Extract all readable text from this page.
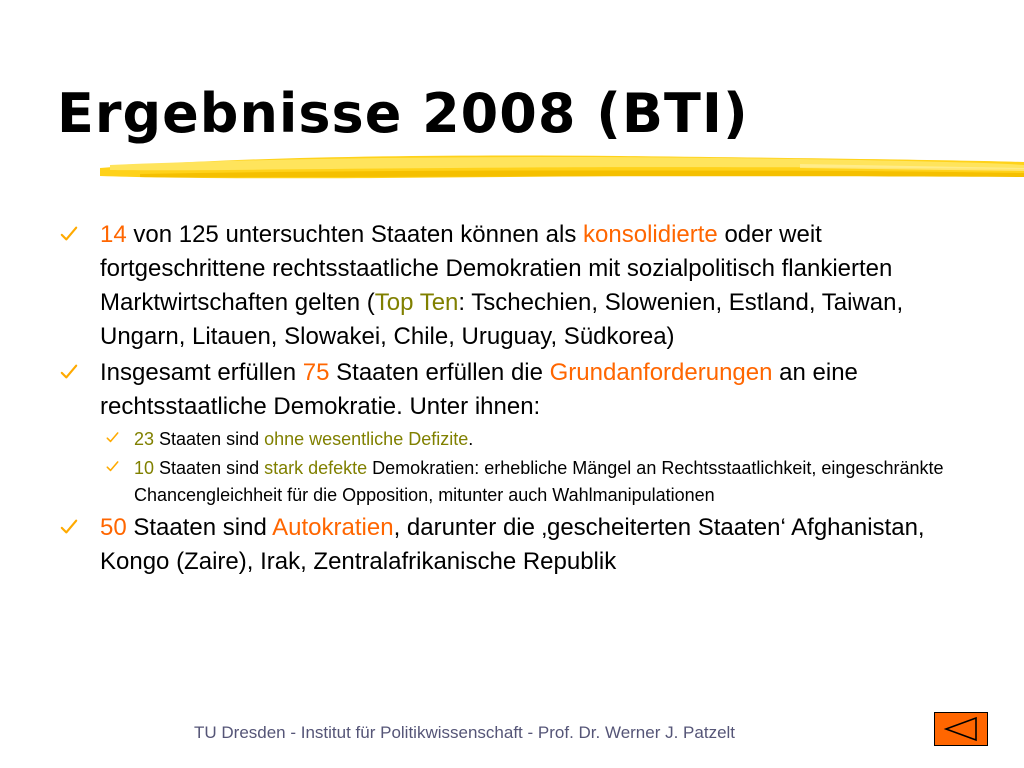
Ergebnisse 2008 (BTI)
14 von 125 untersuchten Staaten können als konsolidierte oder weit fortgeschrittene rechtsstaatliche Demokratien mit sozialpolitisch flankierten Marktwirtschaften gelten (Top Ten: Tschechien, Slowenien, Estland, Taiwan, Ungarn, Litauen, Slowakei, Chile, Uruguay, Südkorea)
Insgesamt erfüllen 75 Staaten erfüllen die Grundanforderungen an eine rechtsstaatliche Demokratie. Unter ihnen:
23 Staaten sind ohne wesentliche Defizite.
10 Staaten sind stark defekte Demokratien: erhebliche Mängel an Rechtsstaatlichkeit, eingeschränkte Chancengleichheit für die Opposition, mitunter auch Wahlmanipulationen
50 Staaten sind Autokratien, darunter die ‚gescheiterten Staaten‘ Afghanistan, Kongo (Zaire), Irak, Zentralafrikanische Republik
TU Dresden - Institut für Politikwissenschaft - Prof. Dr. Werner J. Patzelt
